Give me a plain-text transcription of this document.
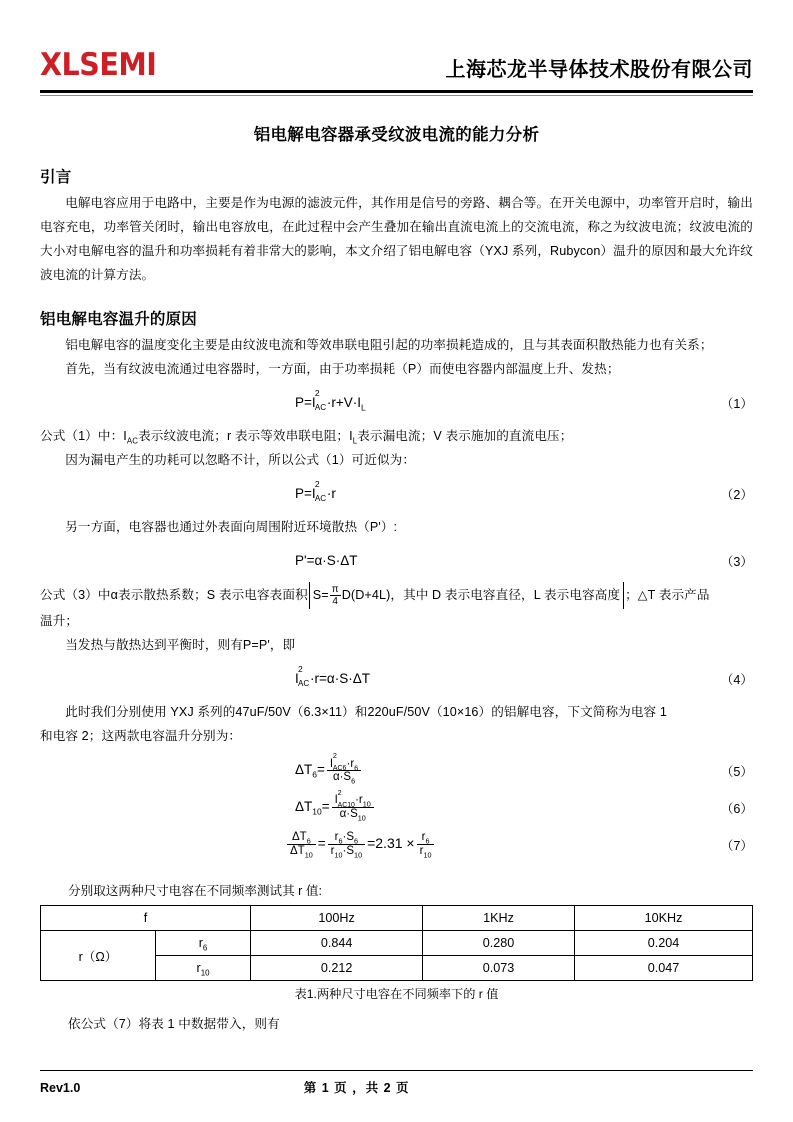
XLSEMI	上海芯龙半导体技术股份有限公司
铝电解电容器承受纹波电流的能力分析
引言
电解电容应用于电路中，主要是作为电源的滤波元件，其作用是信号的旁路、耦合等。在开关电源中，功率管开启时，输出电容充电，功率管关闭时，输出电容放电，在此过程中会产生叠加在输出直流电流上的交流电流，称之为纹波电流；纹波电流的大小对电解电容的温升和功率损耗有着非常大的影响，本文介绍了铝电解电容（YXJ 系列，Rubycon）温升的原因和最大允许纹波电流的计算方法。
铝电解电容温升的原因
铝电解电容的温度变化主要是由纹波电流和等效串联电阻引起的功率损耗造成的，且与其表面积散热能力也有关系；
首先，当有纹波电流通过电容器时，一方面，由于功率损耗（P）而使电容器内部温度上升、发热；
P=I
2
AC $\cdot r+V\cdot I_L$	（1）
公式（1）中：$I_{AC}$表示纹波电流；r 表示等效串联电阻；$I_L$表示漏电流；V 表示施加的直流电压；
因为漏电产生的功耗可以忽略不计，所以公式（1）可近似为：
P=I
2
AC ·r	（2）
另一方面，电容器也通过外表面向周围附近环境散热（P'）:
P'=α·S·ΔT	（3）
公式（3）中α表示散热系数；S 表示电容表面积 $S= \frac{\pi}{4} D(D+4L)$，其中 D 表示电容直径，L 表示电容高度 ；△T 表示产品
温升；
当发热与散热达到平衡时，则有P=P'，即
I
2
AC ·r=α·S·ΔT	（4）
此时我们分别使用 YXJ 系列的47uF/50V（6.3×11）和220uF/50V（10×16）的铝解电容，下文简称为电容 1
和电容 2；这两款电容温升分别为：
$\Delta T_6= I$
2
$AC6 \cdot r_6$
$\alpha\cdot S_6$	（5）
$\Delta T_{10}= I$
2
$AC10 \cdot r_{10}$
$\alpha\cdot S_{10}$	（6）
$\frac{\Delta T_6}{\Delta T_{10}} = \frac{r_6\cdot S_6}{r_{10}\cdot S_{10}} =2.31 \times \frac{r_6}{r_{10}}$	（7）
分别取这两种尺寸电容在不同频率测试其 r 值:
f		100Hz	1KHz	10KHz
r（Ω）	$r_6$	0.844	0.280	0.204
	$r_{10}$	0.212	0.073	0.047
表1.两种尺寸电容在不同频率下的 r 值
依公式（7）将表 1 中数据带入，则有
Rev1.0	第 1 页 ，共 2 页
